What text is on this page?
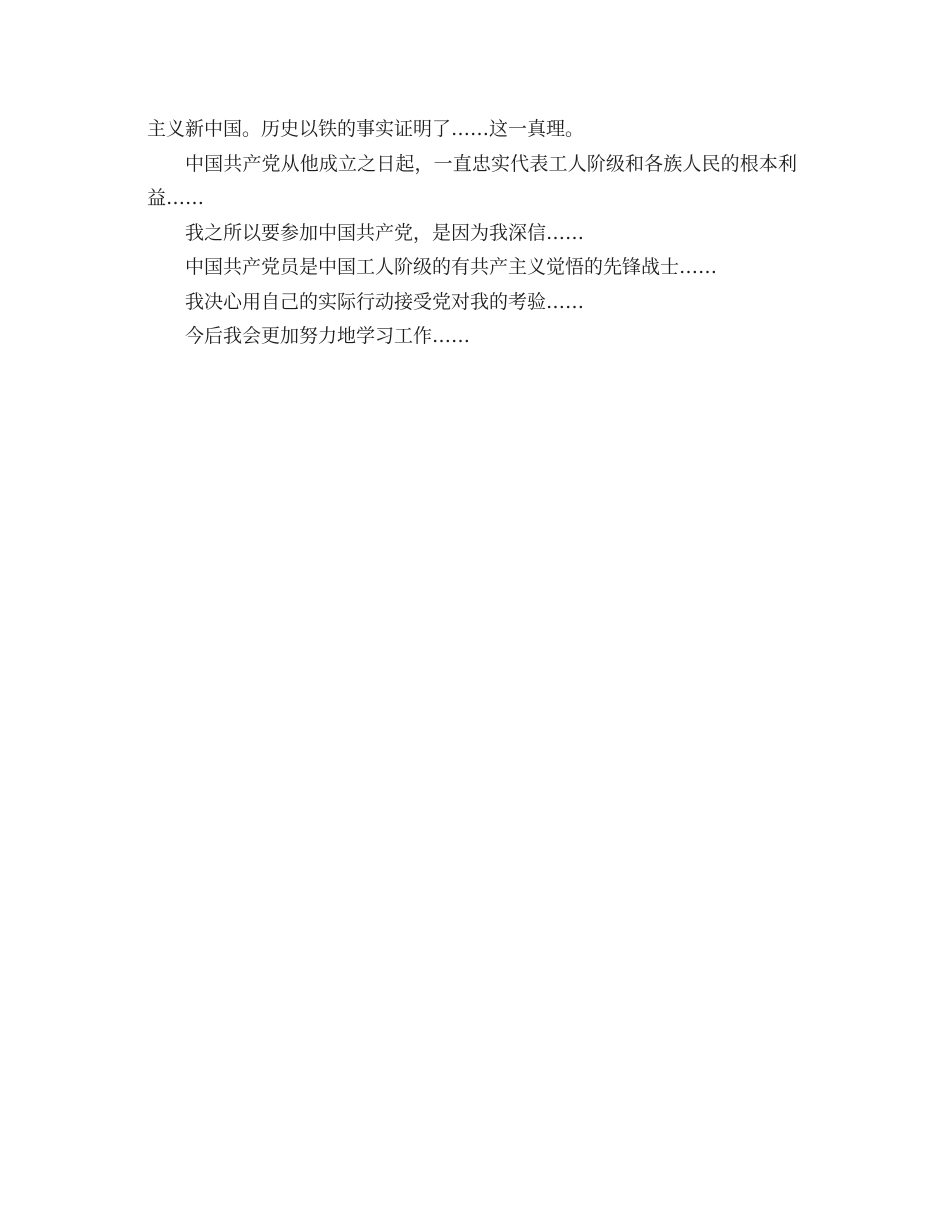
主义新中国。历史以铁的事实证明了……这一真理。

中国共产党从他成立之日起，一直忠实代表工人阶级和各族人民的根本利益……

我之所以要参加中国共产党，是因为我深信……

中国共产党员是中国工人阶级的有共产主义觉悟的先锋战士……

我决心用自己的实际行动接受党对我的考验……

今后我会更加努力地学习工作……
